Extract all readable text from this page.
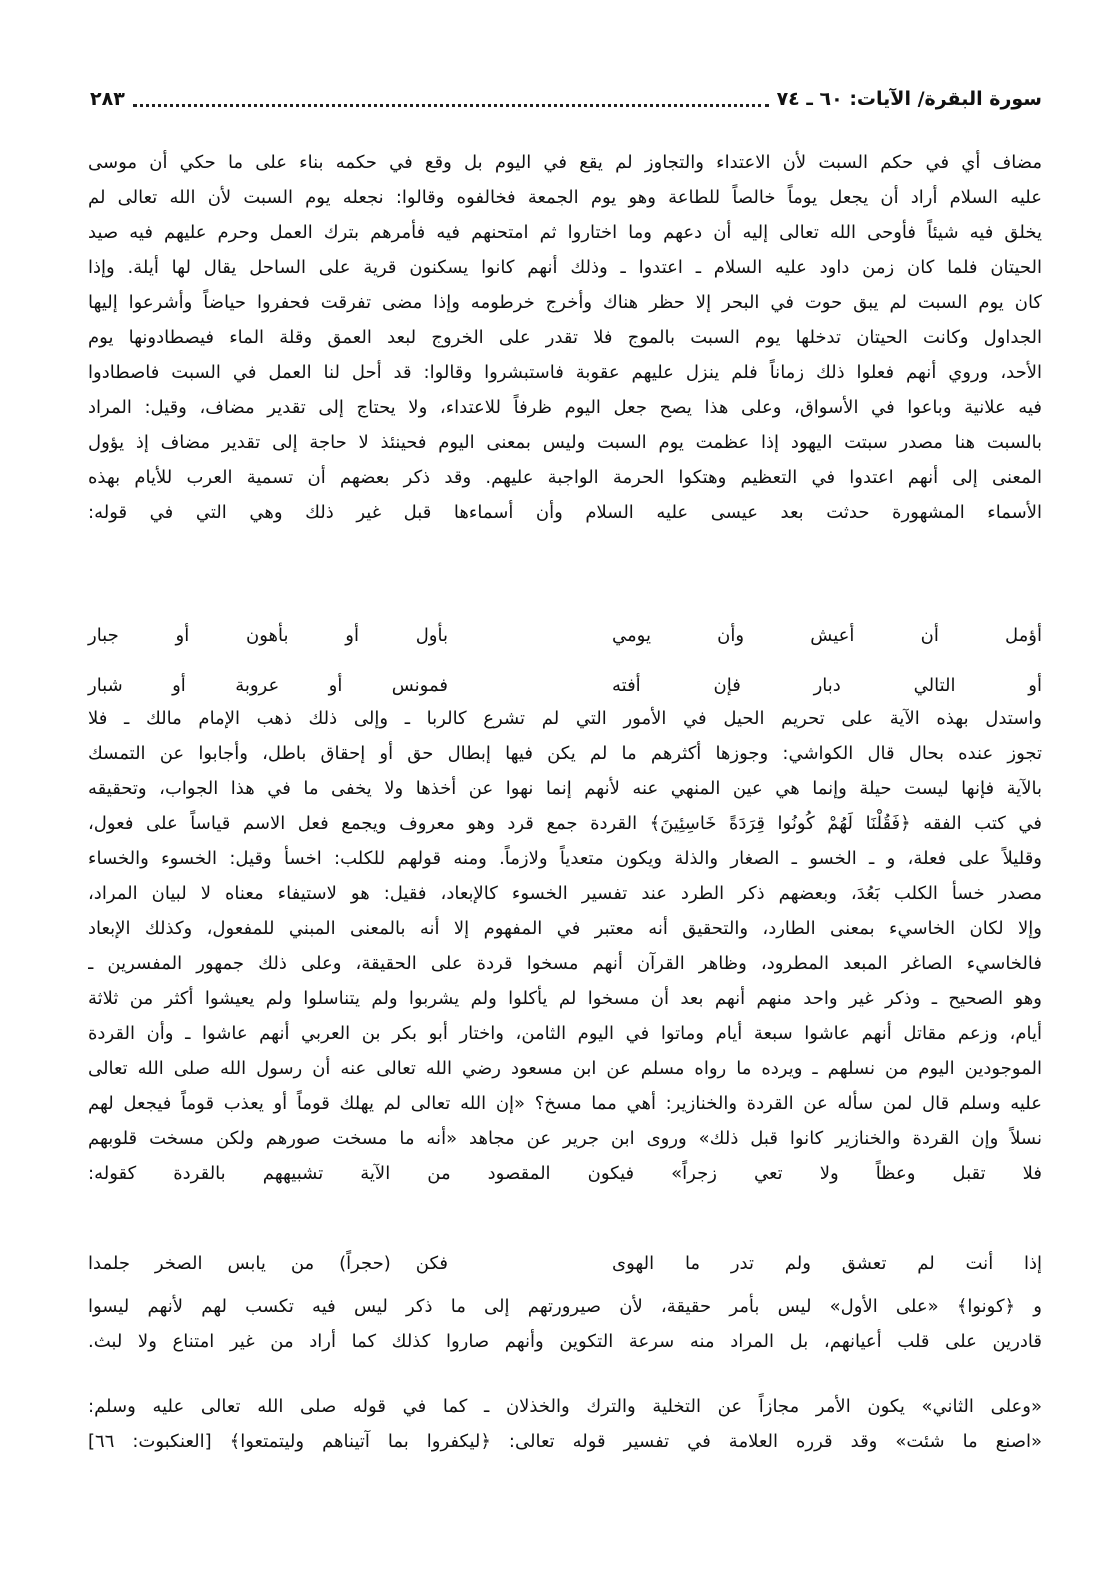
سورة البقرة/ الآيات: ٦٠ ـ ٧٤
٢٨٣
مضاف أي في حكم السبت لأن الاعتداء والتجاوز لم يقع في اليوم بل وقع في حكمه بناء على ما حكي أن موسى
عليه السلام أراد أن يجعل يوماً خالصاً للطاعة وهو يوم الجمعة فخالفوه وقالوا: نجعله يوم السبت لأن الله تعالى لم
يخلق فيه شيئاً فأوحى الله تعالى إليه أن دعهم وما اختاروا ثم امتحنهم فيه فأمرهم بترك العمل وحرم عليهم فيه صيد
الحيتان فلما كان زمن داود عليه السلام ـ اعتدوا ـ وذلك أنهم كانوا يسكنون قرية على الساحل يقال لها أيلة. وإذا
كان يوم السبت لم يبق حوت في البحر إلا حظر هناك وأخرج خرطومه وإذا مضى تفرقت فحفروا حياضاً وأشرعوا إليها
الجداول وكانت الحيتان تدخلها يوم السبت بالموج فلا تقدر على الخروج لبعد العمق وقلة الماء فيصطادونها يوم
الأحد، وروي أنهم فعلوا ذلك زماناً فلم ينزل عليهم عقوبة فاستبشروا وقالوا: قد أحل لنا العمل في السبت فاصطادوا
فيه علانية وباعوا في الأسواق، وعلى هذا يصح جعل اليوم ظرفاً للاعتداء، ولا يحتاج إلى تقدير مضاف، وقيل: المراد
بالسبت هنا مصدر سبتت اليهود إذا عظمت يوم السبت وليس بمعنى اليوم فحينئذ لا حاجة إلى تقدير مضاف إذ يؤول
المعنى إلى أنهم اعتدوا في التعظيم وهتكوا الحرمة الواجبة عليهم. وقد ذكر بعضهم أن تسمية العرب للأيام بهذه
الأسماء المشهورة حدثت بعد عيسى عليه السلام وأن أسماءها قبل غير ذلك وهي التي في قوله:
أؤمل أن أعيش وأن يومي
بأول أو بأهون أو جبار
أو التالي دبار فإن أفته
فمونس أو عروبة أو شبار
واستدل بهذه الآية على تحريم الحيل في الأمور التي لم تشرع كالربا ـ وإلى ذلك ذهب الإمام مالك ـ فلا
تجوز عنده بحال قال الكواشي: وجوزها أكثرهم ما لم يكن فيها إبطال حق أو إحقاق باطل، وأجابوا عن التمسك
بالآية فإنها ليست حيلة وإنما هي عين المنهي عنه لأنهم إنما نهوا عن أخذها ولا يخفى ما في هذا الجواب، وتحقيقه
في كتب الفقه ﴿فَقُلْنَا لَهُمْ كُونُوا قِرَدَةً خَاسِئِينَ﴾ القردة جمع قرد وهو معروف ويجمع فعل الاسم قياساً على فعول،
وقليلاً على فعلة، و ـ الخسو ـ الصغار والذلة ويكون متعدياً ولازماً. ومنه قولهم للكلب: اخسأ وقيل: الخسوء والخساء
مصدر خسأ الكلب بَعُدَ، وبعضهم ذكر الطرد عند تفسير الخسوء كالإبعاد، فقيل: هو لاستيفاء معناه لا لبيان المراد،
وإلا لكان الخاسيء بمعنى الطارد، والتحقيق أنه معتبر في المفهوم إلا أنه بالمعنى المبني للمفعول، وكذلك الإبعاد
فالخاسيء الصاغر المبعد المطرود، وظاهر القرآن أنهم مسخوا قردة على الحقيقة، وعلى ذلك جمهور المفسرين ـ
وهو الصحيح ـ وذكر غير واحد منهم أنهم بعد أن مسخوا لم يأكلوا ولم يشربوا ولم يتناسلوا ولم يعيشوا أكثر من ثلاثة
أيام، وزعم مقاتل أنهم عاشوا سبعة أيام وماتوا في اليوم الثامن، واختار أبو بكر بن العربي أنهم عاشوا ـ وأن القردة
الموجودين اليوم من نسلهم ـ ويرده ما رواه مسلم عن ابن مسعود رضي الله تعالى عنه أن رسول الله صلى الله تعالى
عليه وسلم قال لمن سأله عن القردة والخنازير: أهي مما مسخ؟ «إن الله تعالى لم يهلك قوماً أو يعذب قوماً فيجعل لهم
نسلاً وإن القردة والخنازير كانوا قبل ذلك» وروى ابن جرير عن مجاهد «أنه ما مسخت صورهم ولكن مسخت قلوبهم
فلا تقبل وعظاً ولا تعي زجراً» فيكون المقصود من الآية تشبيههم بالقردة كقوله:
إذا أنت لم تعشق ولم تدر ما الهوى
فكن (حجراً) من يابس الصخر جلمدا
و ﴿كونوا﴾ «على الأول» ليس بأمر حقيقة، لأن صيرورتهم إلى ما ذكر ليس فيه تكسب لهم لأنهم ليسوا
قادرين على قلب أعيانهم، بل المراد منه سرعة التكوين وأنهم صاروا كذلك كما أراد من غير امتناع ولا لبث.
«وعلى الثاني» يكون الأمر مجازاً عن التخلية والترك والخذلان ـ كما في قوله صلى الله تعالى عليه وسلم:
«اصنع ما شئت» وقد قرره العلامة في تفسير قوله تعالى: ﴿ليكفروا بما آتيناهم وليتمتعوا﴾ [العنكبوت: ٦٦]
